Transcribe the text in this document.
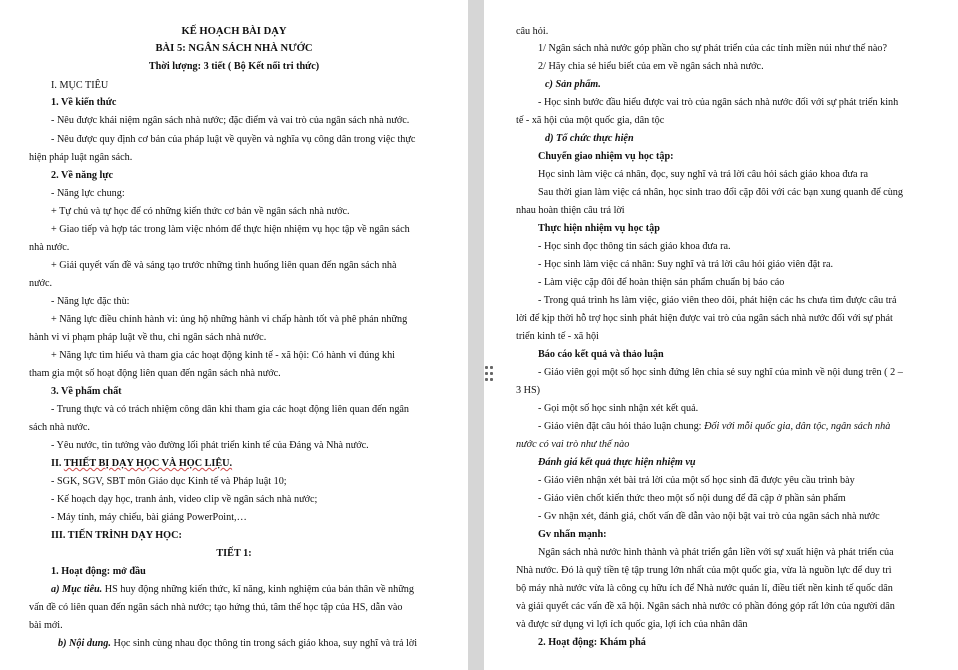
KẾ HOẠCH BÀI DẠY
BÀI 5: NGÂN SÁCH NHÀ NƯỚC
Thời lượng: 3 tiết ( Bộ Kết nối tri thức)
I. MỤC TIÊU
1. Về kiến thức
- Nêu được khái niệm ngân sách nhà nước; đặc điểm và vai trò của ngân sách nhà nước.
- Nêu được quy định cơ bản của pháp luật về quyền và nghĩa vụ công dân trong việc thực
hiện pháp luật ngân sách.
2. Về năng lực
- Năng lực chung:
+ Tự chủ và tự học để có những kiến thức cơ bản về ngân sách nhà nước.
+ Giao tiếp và hợp tác trong làm việc nhóm để thực hiện nhiệm vụ học tập về ngân sách
nhà nước.
+ Giải quyết vấn đề và sáng tạo trước những tình huống liên quan đến ngân sách nhà
nước.
- Năng lực đặc thù:
+ Năng lực điều chỉnh hành vi: ủng hộ những hành vi chấp hành tốt và phê phán những
hành vi vi phạm pháp luật về thu, chi ngân sách nhà nước.
+ Năng lực tìm hiểu và tham gia các hoạt động kinh tế - xã hội: Có hành vi đúng khi
tham gia một số hoạt động liên quan đến ngân sách nhà nước.
3. Về phẩm chất
- Trung thực và có trách nhiệm công dân khi tham gia các hoạt động liên quan đến ngân
sách nhà nước.
- Yêu nước, tin tưởng vào đường lối phát triển kinh tế của Đảng và Nhà nước.
II. THIẾT BỊ DẠY HỌC VÀ HỌC LIỆU.
- SGK, SGV, SBT môn Giáo dục Kinh tế và Pháp luật 10;
- Kế hoạch dạy học, tranh ảnh, video clip về ngân sách nhà nước;
- Máy tính, máy chiếu, bài giảng PowerPoint,…
III. TIẾN TRÌNH DẠY HỌC:
TIẾT 1:
1. Hoạt động: mở đầu
a) Mục tiêu. HS huy động những kiến thức, kĩ năng, kinh nghiệm của bản thân về những
vấn đề có liên quan đến ngân sách nhà nước; tạo hứng thú, tâm thế học tập của HS, dẫn vào
bài mới.
b) Nội dung. Học sinh cùng nhau đọc thông tin trong sách giáo khoa, suy nghĩ và trả lời
câu hỏi.
1/ Ngân sách nhà nước góp phần cho sự phát triển của các tỉnh miền núi như thế nào?
2/ Hãy chia sẻ hiểu biết của em về ngân sách nhà nước.
c) Sản phẩm.
- Học sinh bước đầu hiểu được vai trò của ngân sách nhà nước đối với sự phát triển kinh
tế - xã hội của một quốc gia, dân tộc
d) Tổ chức thực hiện
Chuyển giao nhiệm vụ học tập:
Học sinh làm việc cá nhân, đọc, suy nghĩ và trả lời câu hỏi sách giáo khoa đưa ra
Sau thời gian làm việc cá nhân, học sinh trao đổi cặp đôi với các bạn xung quanh để cùng
nhau hoàn thiện câu trả lời
Thực hiện nhiệm vụ học tập
- Học sinh đọc thông tin sách giáo khoa đưa ra.
- Học sinh làm việc cá nhân: Suy nghĩ và trả lời câu hỏi giáo viên đặt ra.
- Làm việc cặp đôi để hoàn thiện sản phẩm chuẩn bị báo cáo
- Trong quá trình hs làm việc, giáo viên theo dõi, phát hiện các hs chưa tìm được câu trả
lời để kịp thời hỗ trợ học sinh phát hiện được vai trò của ngân sách nhà nước đối với sự phát
triển kinh tế - xã hội
Báo cáo kết quả và thảo luận
- Giáo viên gọi một số học sinh đứng lên chia sẻ suy nghĩ của mình về nội dung trên ( 2 –
3 HS)
- Gọi một số học sinh nhận xét kết quả.
- Giáo viên đặt câu hỏi thảo luận chung: Đối với mỗi quốc gia, dân tộc, ngân sách nhà
nước có vai trò như thế nào
Đánh giá kết quả thực hiện nhiệm vụ
- Giáo viên nhận xét bài trả lời của một số học sinh đã được yêu cầu trình bày
- Giáo viên chốt kiến thức theo một số nội dung để đã cập ở phần sản phẩm
- Gv nhận xét, đánh giá, chốt vấn đề dẫn vào nội bật vai trò của ngân sách nhà nước
Gv nhấn mạnh:
Ngân sách nhà nước hình thành và phát triển gắn liền với sự xuất hiện và phát triển của
Nhà nước. Đó là quỹ tiền tệ tập trung lớn nhất của một quốc gia, vừa là nguồn lực để duy trì
bộ máy nhà nước vừa là công cụ hữu ích để Nhà nước quản lí, điều tiết nền kinh tế quốc dân
và giải quyết các vấn đề xã hội. Ngân sách nhà nước có phần đóng góp rất lớn của người dân
và được sử dụng vì lợi ích quốc gia, lợi ích của nhân dân
2. Hoạt động: Khám phá
